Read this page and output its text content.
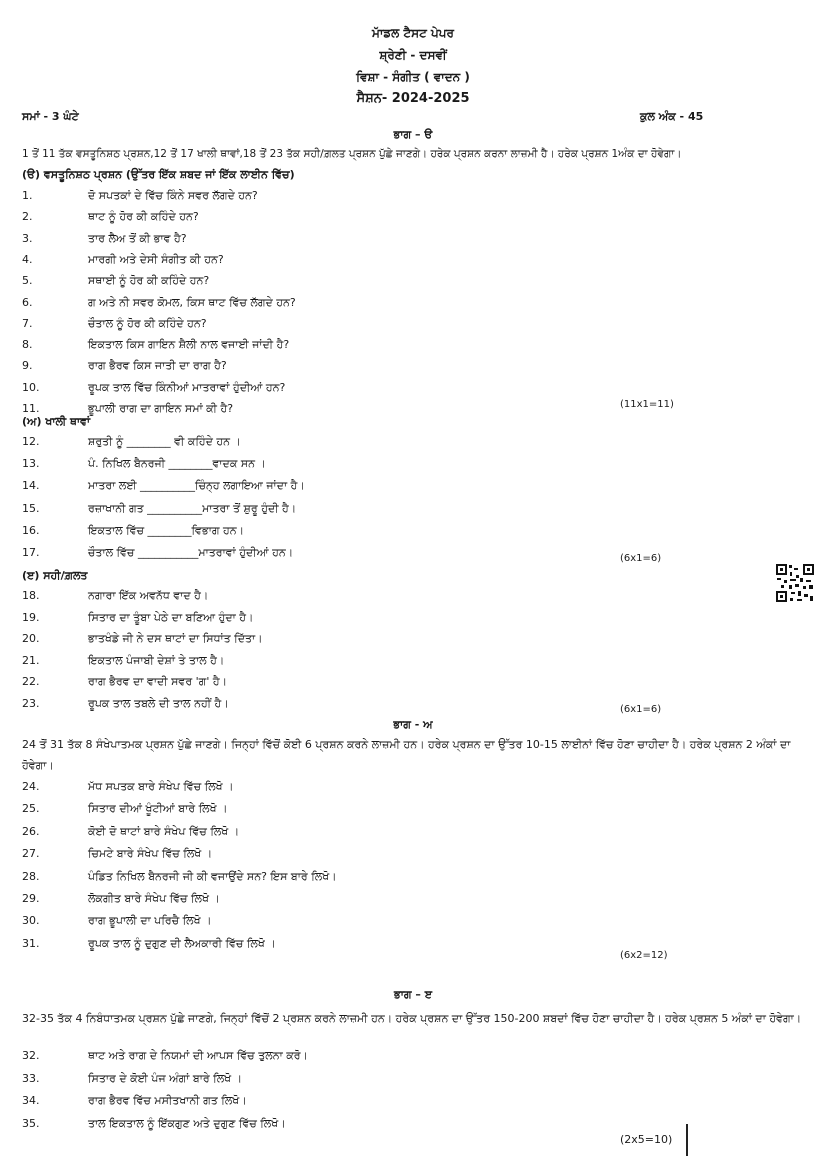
ਮਾੱਡਲ ਟੈਸਟ ਪੇਪਰ
ਸ਼੍ਰੇਣੀ - ਦਸਵੀਂ
ਵਿਸ਼ਾ - ਸੰਗੀਤ ( ਵਾਦਨ )
ਸੈਸ਼ਨ- 2024-2025
ਸਮਾਂ - 3 ਘੰਟੇ	ਕੁਲ ਅੰਕ - 45
ਭਾਗ – ੳ
1 ਤੋਂ 11 ਤੱਕ ਵਸਤੂਨਿਸ਼ਠ ਪ੍ਰਸ਼ਨ,12 ਤੋਂ 17 ਖਾਲੀ ਥਾਵਾਂ,18 ਤੋਂ 23 ਤੱਕ ਸਹੀ/ਗ਼ਲਤ ਪ੍ਰਸ਼ਨ ਪੁੱਛੇ ਜਾਣਗੇ। ਹਰੇਕ ਪ੍ਰਸ਼ਨ ਕਰਨਾ ਲਾਜ਼ਮੀ ਹੈ। ਹਰੇਕ ਪ੍ਰਸ਼ਨ 1ਅੰਕ ਦਾ ਹੋਵੇਗਾ।
(ੳ) ਵਸਤੂਨਿਸ਼ਠ ਪ੍ਰਸ਼ਨ (ਉੱਤਰ ਇੱਕ ਸ਼ਬਦ ਜਾਂ ਇੱਕ ਲਾਈਨ ਵਿੱਚ)
1.	ਦੋ ਸਪਤਕਾਂ ਦੇ ਵਿੱਚ ਕਿੰਨੇ ਸਵਰ ਲੱਗਦੇ ਹਨ?
2.	ਥਾਟ ਨੂੰ ਹੋਰ ਕੀ ਕਹਿੰਦੇ ਹਨ?
3.	ਤਾਰ ਲੈਅ ਤੋਂ ਕੀ ਭਾਵ ਹੈ?
4.	ਮਾਰਗੀ ਅਤੇ ਦੇਸੀ ਸੰਗੀਤ ਕੀ ਹਨ?
5.	ਸਥਾਈ ਨੂੰ ਹੋਰ ਕੀ ਕਹਿੰਦੇ ਹਨ?
6.	ਗ ਅਤੇ ਨੀ ਸਵਰ ਕੋਮਲ, ਕਿਸ ਥਾਟ ਵਿੱਚ ਲੱਗਦੇ ਹਨ?
7.	ਚੌਤਾਲ ਨੂੰ ਹੋਰ ਕੀ ਕਹਿੰਦੇ ਹਨ?
8.	ਇਕਤਾਲ ਕਿਸ ਗਾਇਨ ਸ਼ੈਲੀ ਨਾਲ ਵਜਾਈ ਜਾਂਦੀ ਹੈ?
9.	ਰਾਗ ਭੈਰਵ ਕਿਸ ਜਾਤੀ ਦਾ ਰਾਗ ਹੈ?
10.	ਰੂਪਕ ਤਾਲ ਵਿੱਚ ਕਿੰਨੀਆਂ ਮਾਤਰਾਵਾਂ ਹੁੰਦੀਆਂ ਹਨ?
11.	ਭੂਪਾਲੀ ਰਾਗ ਦਾ ਗਾਇਨ ਸਮਾਂ ਕੀ ਹੈ?	(11x1=11)
(ਅ) ਖਾਲੀ ਥਾਵਾਂ
12.	ਸ਼ਰੁਤੀ ਨੂੰ ________ ਵੀ ਕਹਿੰਦੇ ਹਨ ।
13.	ਪੰ. ਨਿਖਿਲ ਬੈਨਰਜੀ ________ਵਾਦਕ ਸਨ ।
14.	ਮਾਤਰਾ ਲਈ __________ਚਿੰਨ੍ਹ ਲਗਾਇਆ ਜਾਂਦਾ ਹੈ।
15.	ਰਜ਼ਾਖਾਨੀ ਗਤ __________ਮਾਤਰਾ ਤੋਂ ਸ਼ੁਰੂ ਹੁੰਦੀ ਹੈ।
16.	ਇਕਤਾਲ ਵਿੱਚ ________ਵਿਭਾਗ ਹਨ।
17.	ਚੌਤਾਲ ਵਿੱਚ ___________ਮਾਤਰਾਵਾਂ ਹੁੰਦੀਆਂ ਹਨ।	(6x1=6)
(ੲ) ਸਹੀ/ਗ਼ਲਤ
18.	ਨਗਾਰਾ ਇੱਕ ਅਵਨੱਧ ਵਾਦ ਹੈ।
19.	ਸਿਤਾਰ ਦਾ ਤੂੰਬਾ ਪੇਠੇ ਦਾ ਬਣਿਆ ਹੁੰਦਾ ਹੈ।
20.	ਭਾਤਖੰਡੇ ਜੀ ਨੇ ਦਸ ਥਾਟਾਂ ਦਾ ਸਿਧਾਂਤ ਦਿੱਤਾ।
21.	ਇਕਤਾਲ ਪੰਜਾਬੀ ਦੇਸ਼ਾਂ ਤੇ ਤਾਲ ਹੈ।
22.	ਰਾਗ ਭੈਰਵ ਦਾ ਵਾਦੀ ਸਵਰ 'ਗ' ਹੈ।
23.	ਰੂਪਕ ਤਾਲ ਤਬਲੇ ਦੀ ਤਾਲ ਨਹੀਂ ਹੈ।	(6x1=6)
ਭਾਗ - ਅ
24 ਤੋਂ 31 ਤੱਕ 8 ਸੰਖੇਪਾਤਮਕ ਪ੍ਰਸ਼ਨ ਪੁੱਛੇ ਜਾਣਗੇ। ਜਿਨ੍ਹਾਂ ਵਿੱਚੋਂ ਕੋਈ 6 ਪ੍ਰਸ਼ਨ ਕਰਨੇ ਲਾਜ਼ਮੀ ਹਨ। ਹਰੇਕ ਪ੍ਰਸ਼ਨ ਦਾ ਉੱਤਰ 10-15 ਲਾਈਨਾਂ ਵਿੱਚ ਹੋਣਾ ਚਾਹੀਦਾ ਹੈ। ਹਰੇਕ ਪ੍ਰਸ਼ਨ 2 ਅੰਕਾਂ ਦਾ ਹੋਵੇਗਾ।
24.	ਮੱਧ ਸਪਤਕ ਬਾਰੇ ਸੰਖੇਪ ਵਿੱਚ ਲਿਖੋ ।
25.	ਸਿਤਾਰ ਦੀਆਂ ਖੂੰਟੀਆਂ ਬਾਰੇ ਲਿਖੋ ।
26.	ਕੋਈ ਦੋ ਥਾਟਾਂ ਬਾਰੇ ਸੰਖੇਪ ਵਿੱਚ ਲਿਖੋ ।
27.	ਚਿਮਟੇ ਬਾਰੇ ਸੰਖੇਪ ਵਿੱਚ ਲਿਖੋ ।
28.	ਪੰਡਿਤ ਨਿਖਿਲ ਬੈਨਰਜੀ ਜੀ ਕੀ ਵਜਾਉਂਦੇ ਸਨ? ਇਸ ਬਾਰੇ ਲਿਖੋ।
29.	ਲੋਕਗੀਤ ਬਾਰੇ ਸੰਖੇਪ ਵਿੱਚ ਲਿਖੋ ।
30.	ਰਾਗ ਭੂਪਾਲੀ ਦਾ ਪਰਿਚੈ ਲਿਖੋ ।
31.	ਰੂਪਕ ਤਾਲ ਨੂੰ ਦੁਗੁਣ ਦੀ ਲੈਅਕਾਰੀ ਵਿੱਚ ਲਿਖੋ ।
(6x2=12)
ਭਾਗ – ੲ
32-35 ਤੱਕ 4 ਨਿਬੰਧਾਤਮਕ ਪ੍ਰਸ਼ਨ ਪੁੱਛੇ ਜਾਣਗੇ, ਜਿਨ੍ਹਾਂ ਵਿੱਚੋਂ 2 ਪ੍ਰਸ਼ਨ ਕਰਨੇ ਲਾਜ਼ਮੀ ਹਨ। ਹਰੇਕ ਪ੍ਰਸ਼ਨ ਦਾ ਉੱਤਰ 150-200 ਸ਼ਬਦਾਂ ਵਿੱਚ ਹੋਣਾ ਚਾਹੀਦਾ ਹੈ। ਹਰੇਕ ਪ੍ਰਸ਼ਨ 5 ਅੰਕਾਂ ਦਾ ਹੋਵੇਗਾ।
32.	ਥਾਟ ਅਤੇ ਰਾਗ ਦੇ ਨਿਯਮਾਂ ਦੀ ਆਪਸ ਵਿੱਚ ਤੁਲਨਾ ਕਰੋ।
33.	ਸਿਤਾਰ ਦੇ ਕੋਈ ਪੰਜ ਅੰਗਾਂ ਬਾਰੇ ਲਿਖੋ ।
34.	ਰਾਗ ਭੈਰਵ ਵਿੱਚ ਮਸੀਤਖਾਨੀ ਗਤ ਲਿਖੋ।
35.	ਤਾਲ ਇਕਤਾਲ ਨੂੰ ਇੱਕਗੁਣ ਅਤੇ ਦੁਗੁਣ ਵਿੱਚ ਲਿਖੋ।
(2x5=10)
